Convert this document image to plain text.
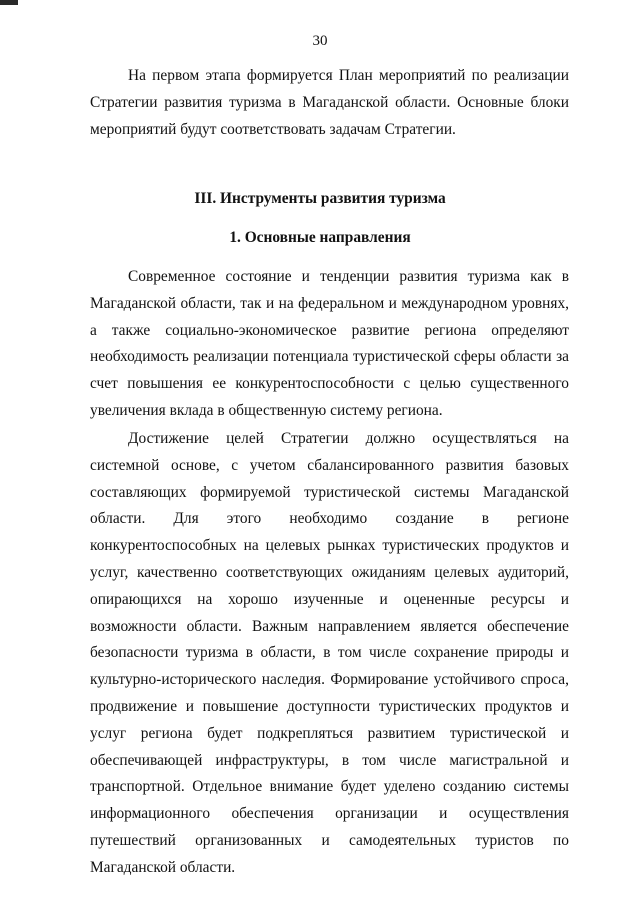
30

На первом этапа формируется План мероприятий по реализации Стратегии развития туризма в Магаданской области. Основные блоки мероприятий будут соответствовать задачам Стратегии.

III. Инструменты развития туризма
1. Основные направления

Современное состояние и тенденции развития туризма как в Магаданской области, так и на федеральном и международном уровнях, а также социально-экономическое развитие региона определяют необходимость реализации потенциала туристической сферы области за счет повышения ее конкурентоспособности с целью существенного увеличения вклада в общественную систему региона.

Достижение целей Стратегии должно осуществляться на системной основе, с учетом сбалансированного развития базовых составляющих формируемой туристической системы Магаданской области. Для этого необходимо создание в регионе конкурентоспособных на целевых рынках туристических продуктов и услуг, качественно соответствующих ожиданиям целевых аудиторий, опирающихся на хорошо изученные и оцененные ресурсы и возможности области. Важным направлением является обеспечение безопасности туризма в области, в том числе сохранение природы и культурно-исторического наследия. Формирование устойчивого спроса, продвижение и повышение доступности туристических продуктов и услуг региона будет подкрепляться развитием туристической и обеспечивающей инфраструктуры, в том числе магистральной и транспортной. Отдельное внимание будет уделено созданию системы информационного обеспечения организации и осуществления путешествий организованных и самодеятельных туристов по Магаданской области.
